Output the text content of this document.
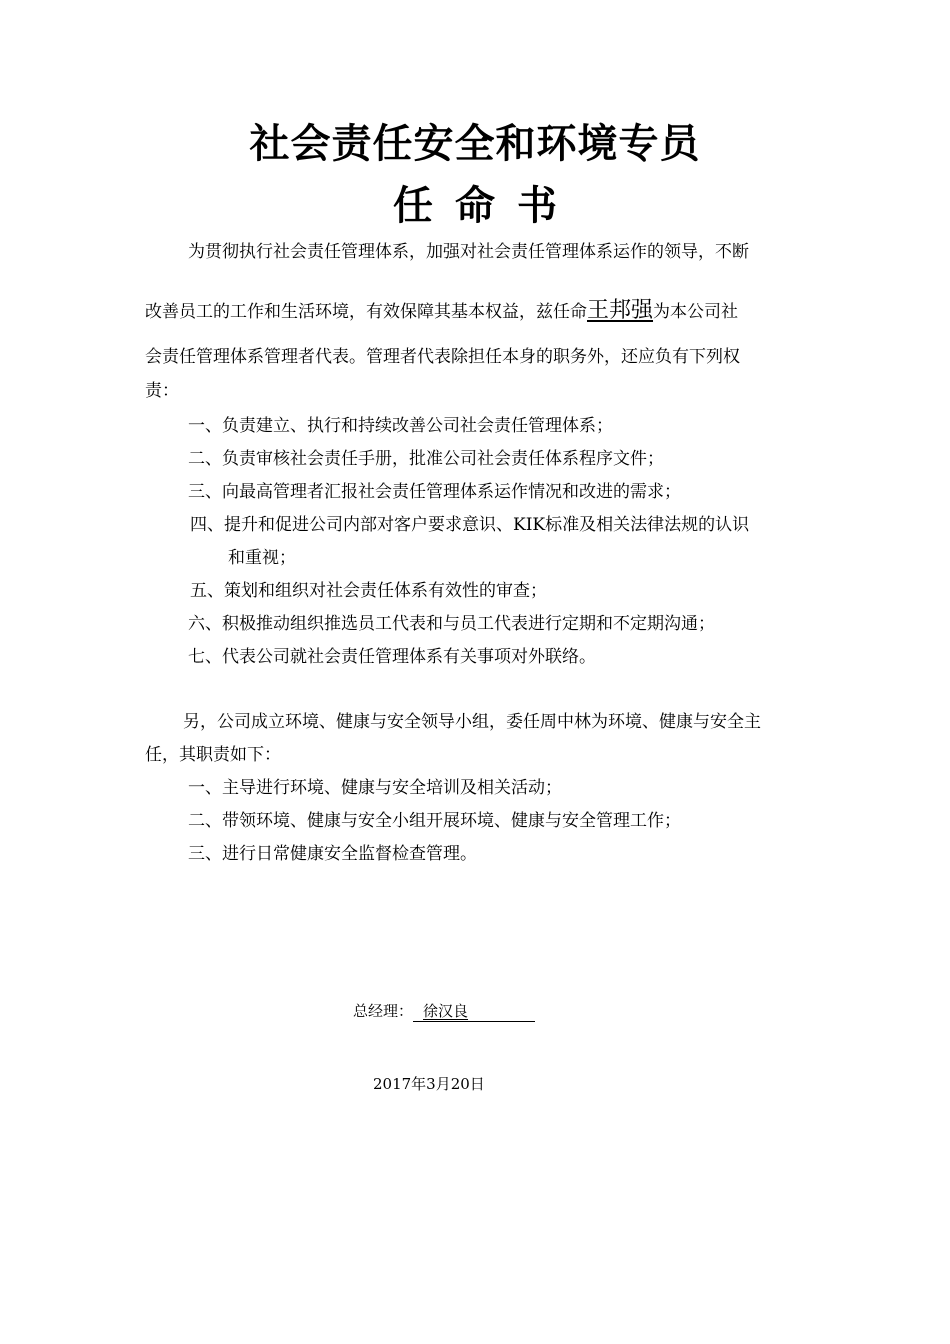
社会责任安全和环境专员
任命书
为贯彻执行社会责任管理体系，加强对社会责任管理体系运作的领导，不断
改善员工的工作和生活环境，有效保障其基本权益，兹任命王邦强为本公司社
会责任管理体系管理者代表。管理者代表除担任本身的职务外，还应负有下列权
责：
一、负责建立、执行和持续改善公司社会责任管理体系；
二、负责审核社会责任手册，批准公司社会责任体系程序文件；
三、向最高管理者汇报社会责任管理体系运作情况和改进的需求；
四、提升和促进公司内部对客户要求意识、KIK标准及相关法律法规的认识
和重视；
五、策划和组织对社会责任体系有效性的审查；
六、积极推动组织推选员工代表和与员工代表进行定期和不定期沟通；
七、代表公司就社会责任管理体系有关事项对外联络。
另，公司成立环境、健康与安全领导小组，委任周中林为环境、健康与安全主
任，其职责如下：
一、主导进行环境、健康与安全培训及相关活动；
二、带领环境、健康与安全小组开展环境、健康与安全管理工作；
三、进行日常健康安全监督检查管理。
总经理： 徐汉良
2017年3月20日
